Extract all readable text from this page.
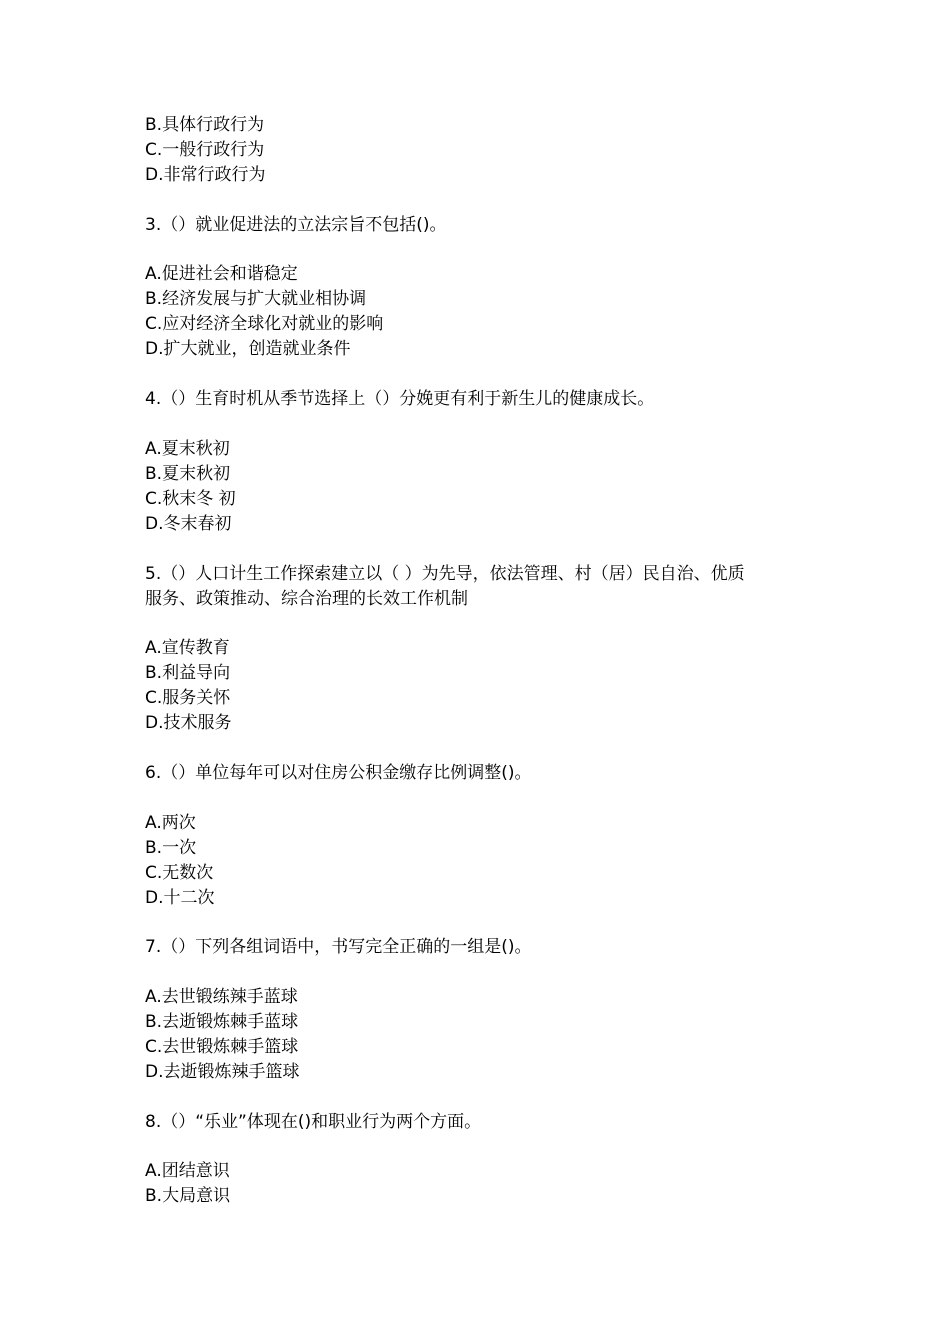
B.具体行政行为
C.一般行政行为
D.非常行政行为
3.（）就业促进法的立法宗旨不包括()。
A.促进社会和谐稳定
B.经济发展与扩大就业相协调
C.应对经济全球化对就业的影响
D.扩大就业，创造就业条件
4.（）生育时机从季节选择上（）分娩更有利于新生儿的健康成长。
A.夏末秋初
B.夏末秋初
C.秋末冬 初
D.冬末春初
5.（）人口计生工作探索建立以（ ）为先导，依法管理、村（居）民自治、优质
服务、政策推动、综合治理的长效工作机制
A.宣传教育
B.利益导向
C.服务关怀
D.技术服务
6.（）单位每年可以对住房公积金缴存比例调整()。
A.两次
B.一次
C.无数次
D.十二次
7.（）下列各组词语中，书写完全正确的一组是()。
A.去世锻练辣手蓝球
B.去逝锻炼棘手蓝球
C.去世锻炼棘手篮球
D.去逝锻炼辣手篮球
8.（）“乐业”体现在()和职业行为两个方面。
A.团结意识
B.大局意识
